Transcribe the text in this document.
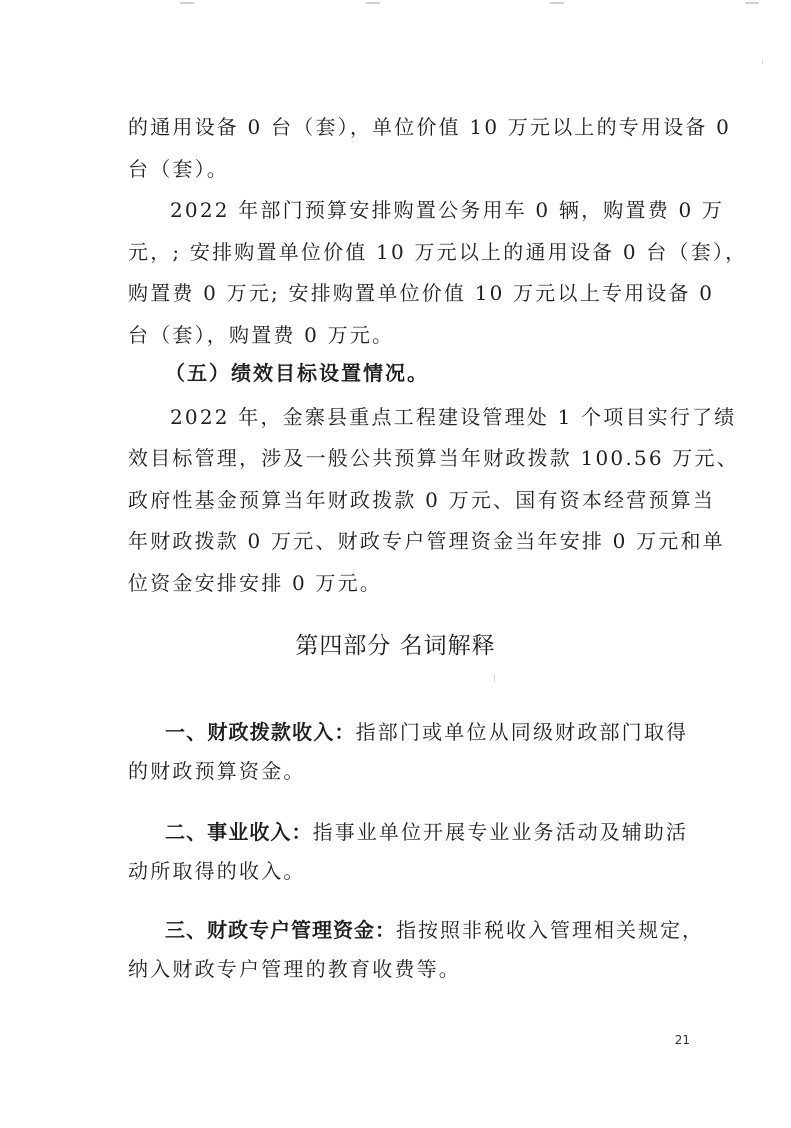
的通用设备 0 台（套），单位价值 10 万元以上的专用设备 0
台（套）。
2022 年部门预算安排购置公务用车 0 辆，购置费 0 万
元，; 安排购置单位价值 10 万元以上的通用设备 0 台（套），
购置费 0 万元; 安排购置单位价值 10 万元以上专用设备 0
台（套），购置费 0 万元。
（五）绩效目标设置情况。
2022 年，金寨县重点工程建设管理处 1 个项目实行了绩
效目标管理，涉及一般公共预算当年财政拨款 100.56 万元、
政府性基金预算当年财政拨款 0 万元、国有资本经营预算当
年财政拨款 0 万元、财政专户管理资金当年安排 0 万元和单
位资金安排安排 0 万元。
第四部分 名词解释
一、财政拨款收入：指部门或单位从同级财政部门取得
的财政预算资金。
二、事业收入：指事业单位开展专业业务活动及辅助活
动所取得的收入。
三、财政专户管理资金：指按照非税收入管理相关规定，
纳入财政专户管理的教育收费等。
21
